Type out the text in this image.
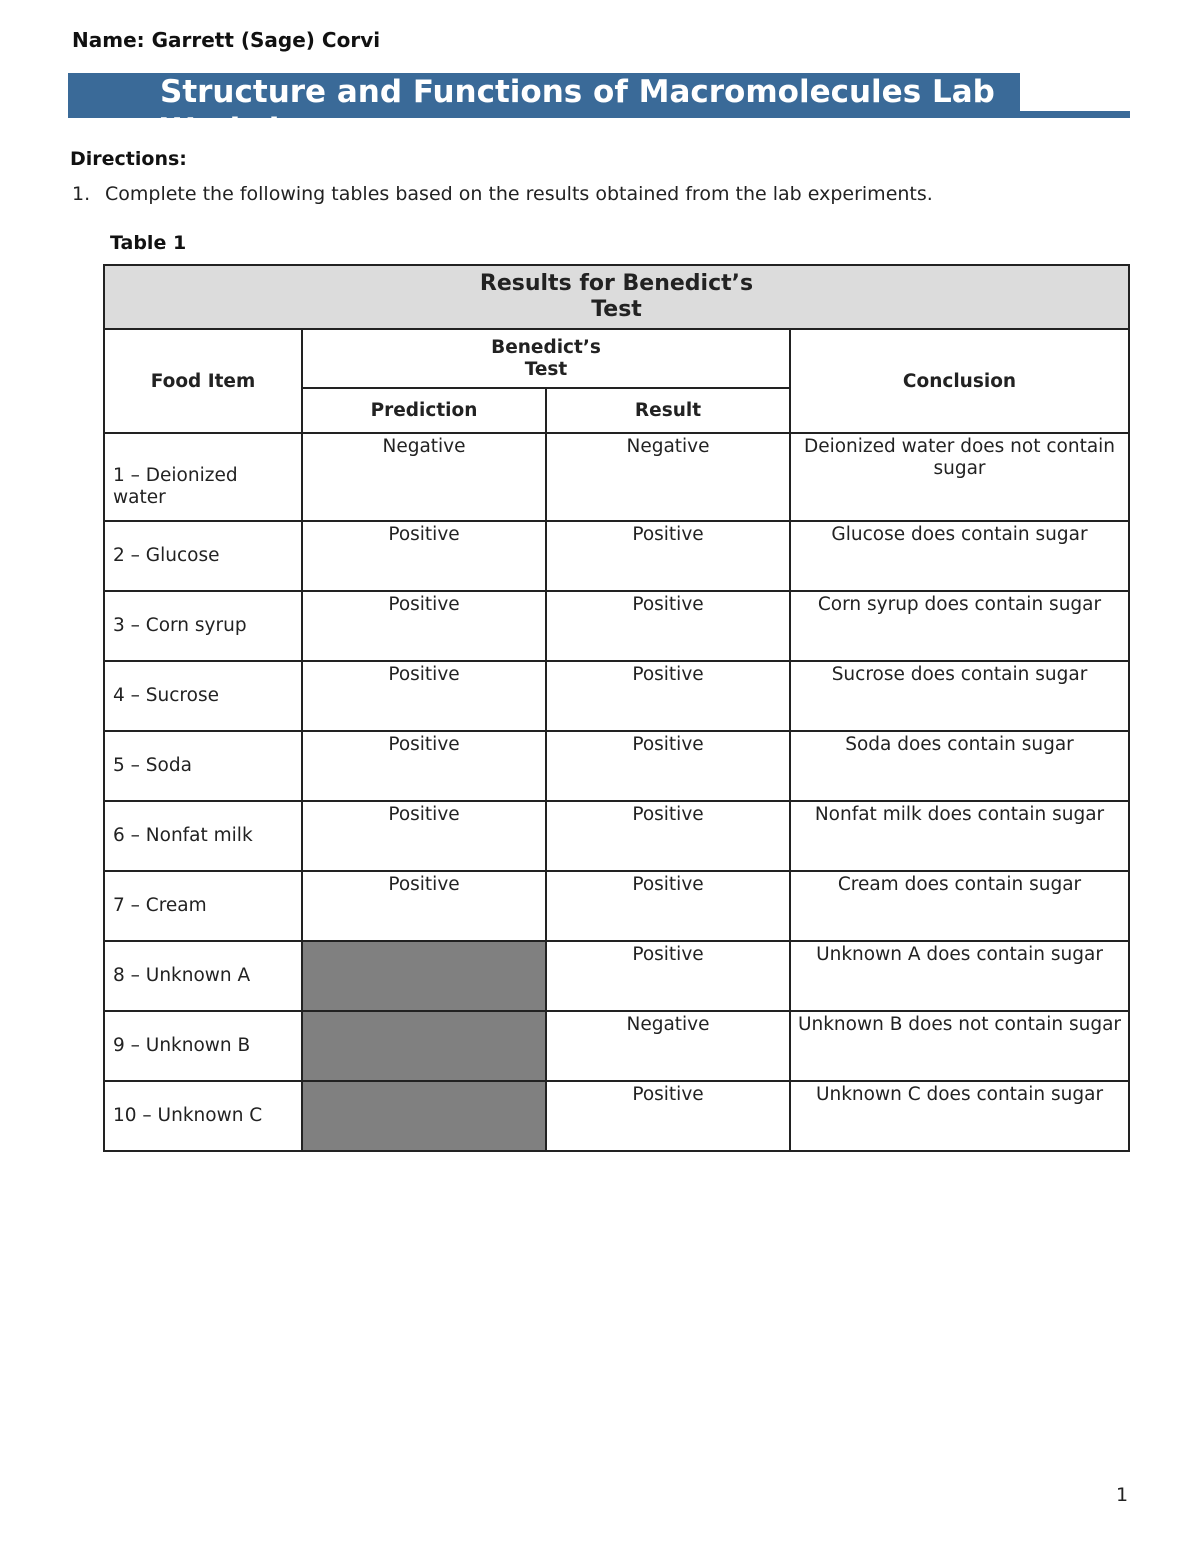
Name: Garrett (Sage) Corvi
Structure and Functions of Macromolecules Lab Worksheet
Directions:
1. Complete the following tables based on the results obtained from the lab experiments.
Table 1
Results for Benedict’s
Test			

Food Item	Benedict’s
Test		Conclusion
	Prediction	Result	
1 – Deionized water	Negative	Negative	Deionized water does not contain sugar
2 – Glucose	Positive	Positive	Glucose does contain sugar
3 – Corn syrup	Positive	Positive	Corn syrup does contain sugar
4 – Sucrose	Positive	Positive	Sucrose does contain sugar
5 – Soda	Positive	Positive	Soda does contain sugar
6 – Nonfat milk	Positive	Positive	Nonfat milk does contain sugar
7 – Cream	Positive	Positive	Cream does contain sugar
8 – Unknown A		Positive	Unknown A does contain sugar
9 – Unknown B		Negative	Unknown B does not contain sugar
10 – Unknown C		Positive	Unknown C does contain sugar
1
